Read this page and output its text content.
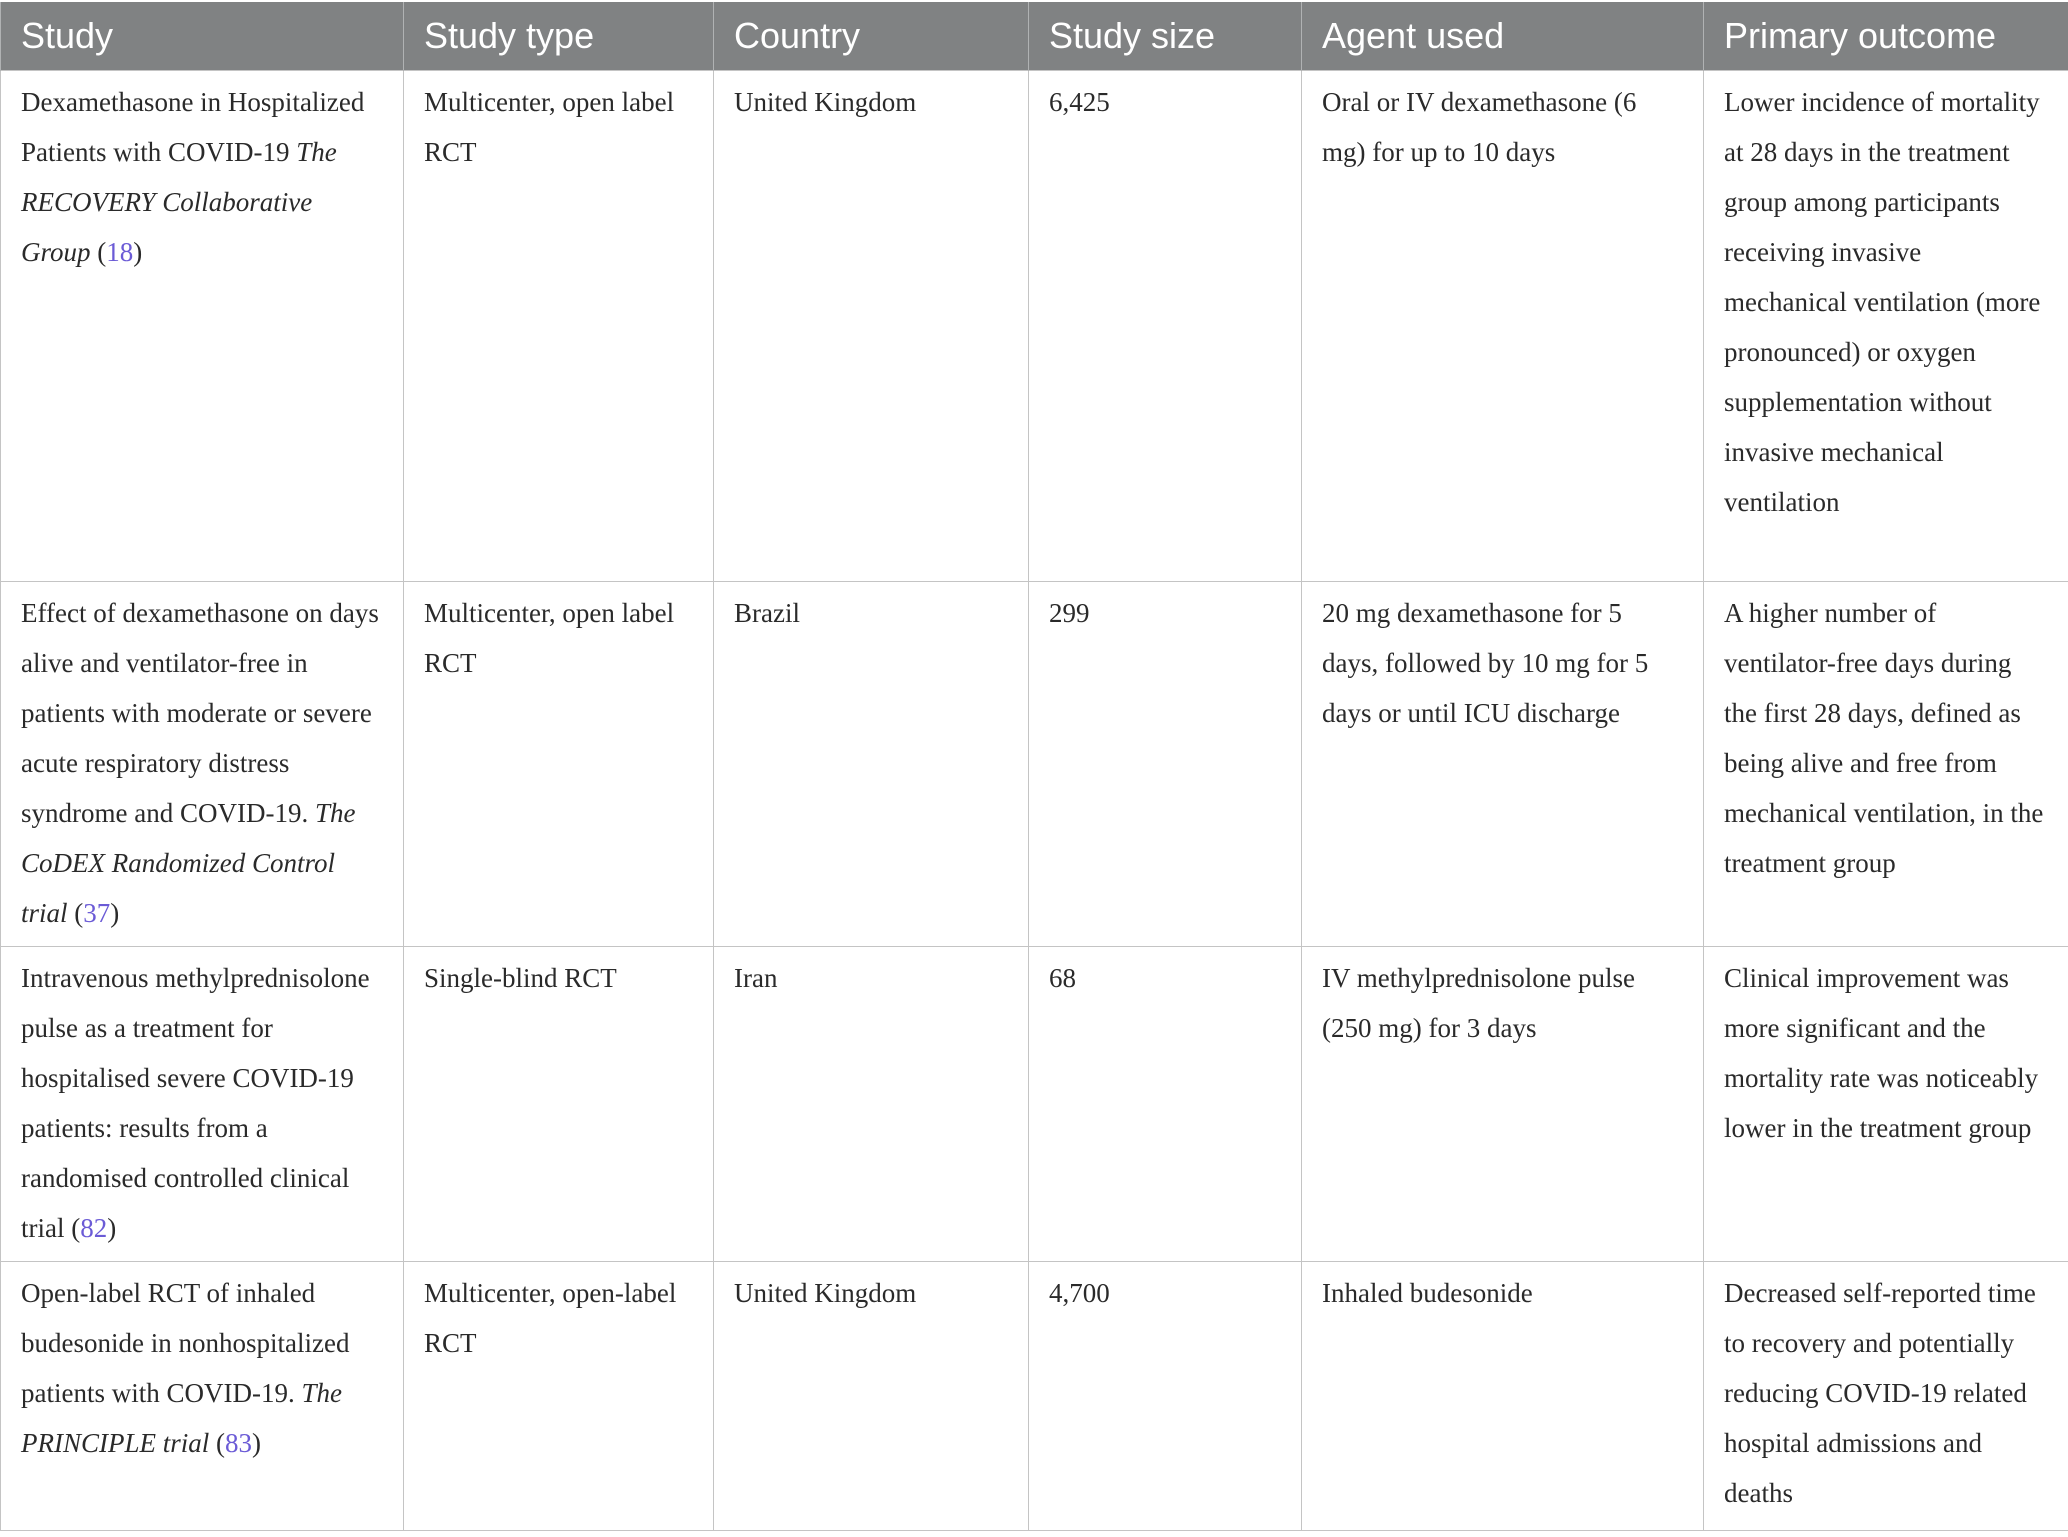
Study	Study type	Country	Study size	Agent used	Primary outcome
Dexamethasone in Hospitalized Patients with COVID-19 The RECOVERY Collaborative Group (18)	Multicenter, open label RCT	United Kingdom	6,425	Oral or IV dexamethasone (6 mg) for up to 10 days	Lower incidence of mortality at 28 days in the treatment group among participants receiving invasive mechanical ventilation (more pronounced) or oxygen supplementation without invasive mechanical ventilation
Effect of dexamethasone on days alive and ventilator-free in patients with moderate or severe acute respiratory distress syndrome and COVID-19. The CoDEX Randomized Control trial (37)	Multicenter, open label RCT	Brazil	299	20 mg dexamethasone for 5 days, followed by 10 mg for 5 days or until ICU discharge	A higher number of ventilator-free days during the first 28 days, defined as being alive and free from mechanical ventilation, in the treatment group
Intravenous methylprednisolone pulse as a treatment for hospitalised severe COVID-19 patients: results from a randomised controlled clinical trial (82)	Single-blind RCT	Iran	68	IV methylprednisolone pulse (250 mg) for 3 days	Clinical improvement was more significant and the mortality rate was noticeably lower in the treatment group
Open-label RCT of inhaled budesonide in nonhospitalized patients with COVID-19. The PRINCIPLE trial (83)	Multicenter, open-label RCT	United Kingdom	4,700	Inhaled budesonide	Decreased self-reported time to recovery and potentially reducing COVID-19 related hospital admissions and deaths
